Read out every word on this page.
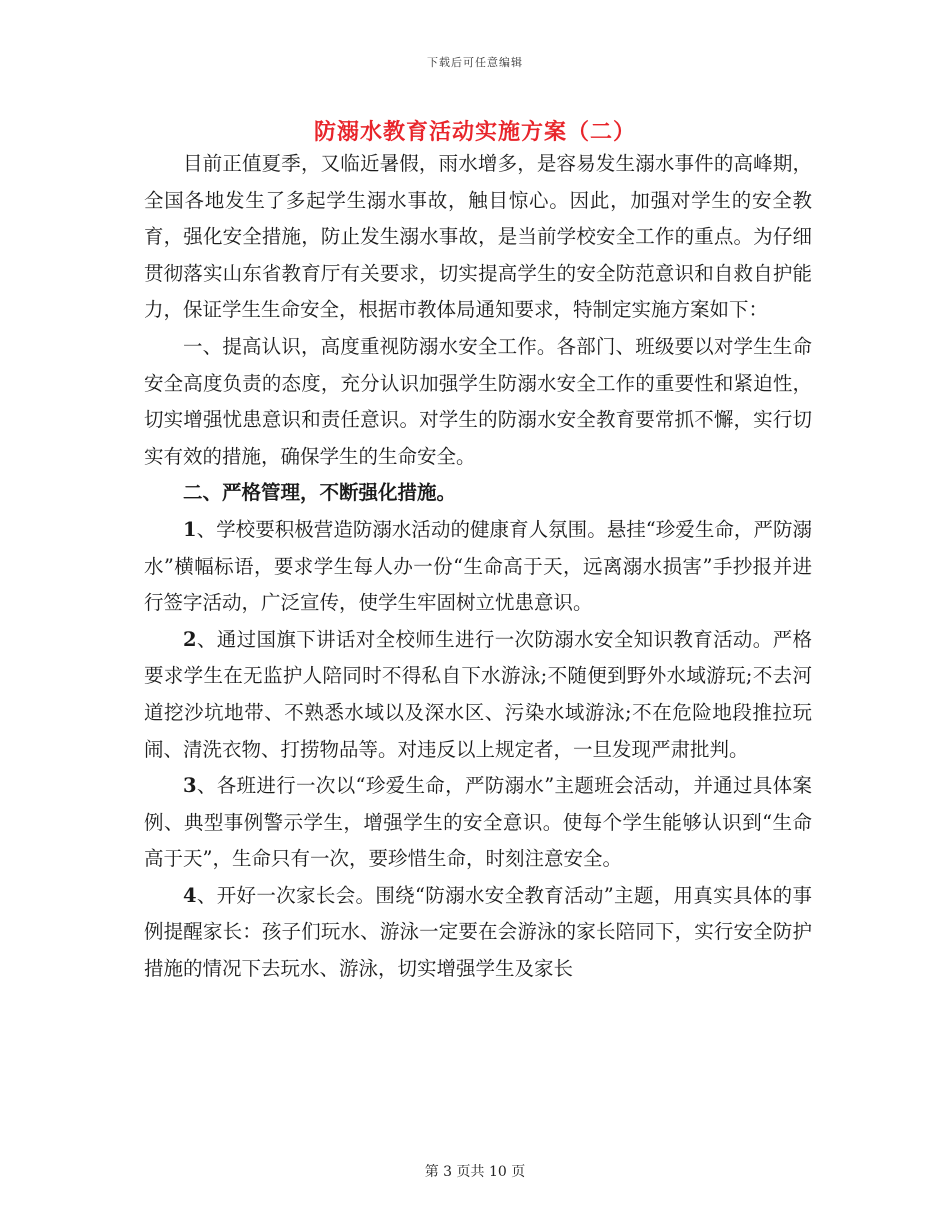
下载后可任意编辑
防溺水教育活动实施方案（二）

目前正值夏季，又临近暑假，雨水增多，是容易发生溺水事件的高峰期，全国各地发生了多起学生溺水事故，触目惊心。因此，加强对学生的安全教育，强化安全措施，防止发生溺水事故，是当前学校安全工作的重点。为仔细贯彻落实山东省教育厅有关要求，切实提高学生的安全防范意识和自救自护能力，保证学生生命安全，根据市教体局通知要求，特制定实施方案如下：

一、提高认识，高度重视防溺水安全工作。各部门、班级要以对学生生命安全高度负责的态度，充分认识加强学生防溺水安全工作的重要性和紧迫性，切实增强忧患意识和责任意识。对学生的防溺水安全教育要常抓不懈，实行切实有效的措施，确保学生的生命安全。

二、严格管理，不断强化措施。

1、学校要积极营造防溺水活动的健康育人氛围。悬挂“珍爱生命，严防溺水”横幅标语，要求学生每人办一份“生命高于天，远离溺水损害”手抄报并进行签字活动，广泛宣传，使学生牢固树立忧患意识。

2、通过国旗下讲话对全校师生进行一次防溺水安全知识教育活动。严格要求学生在无监护人陪同时不得私自下水游泳;不随便到野外水域游玩;不去河道挖沙坑地带、不熟悉水域以及深水区、污染水域游泳;不在危险地段推拉玩闹、清洗衣物、打捞物品等。对违反以上规定者，一旦发现严肃批判。

3、各班进行一次以“珍爱生命，严防溺水”主题班会活动，并通过具体案例、典型事例警示学生，增强学生的安全意识。使每个学生能够认识到“生命高于天”，生命只有一次，要珍惜生命，时刻注意安全。

4、开好一次家长会。围绕“防溺水安全教育活动”主题，用真实具体的事例提醒家长：孩子们玩水、游泳一定要在会游泳的家长陪同下，实行安全防护措施的情况下去玩水、游泳，切实增强学生及家长

第 3 页共 10 页
